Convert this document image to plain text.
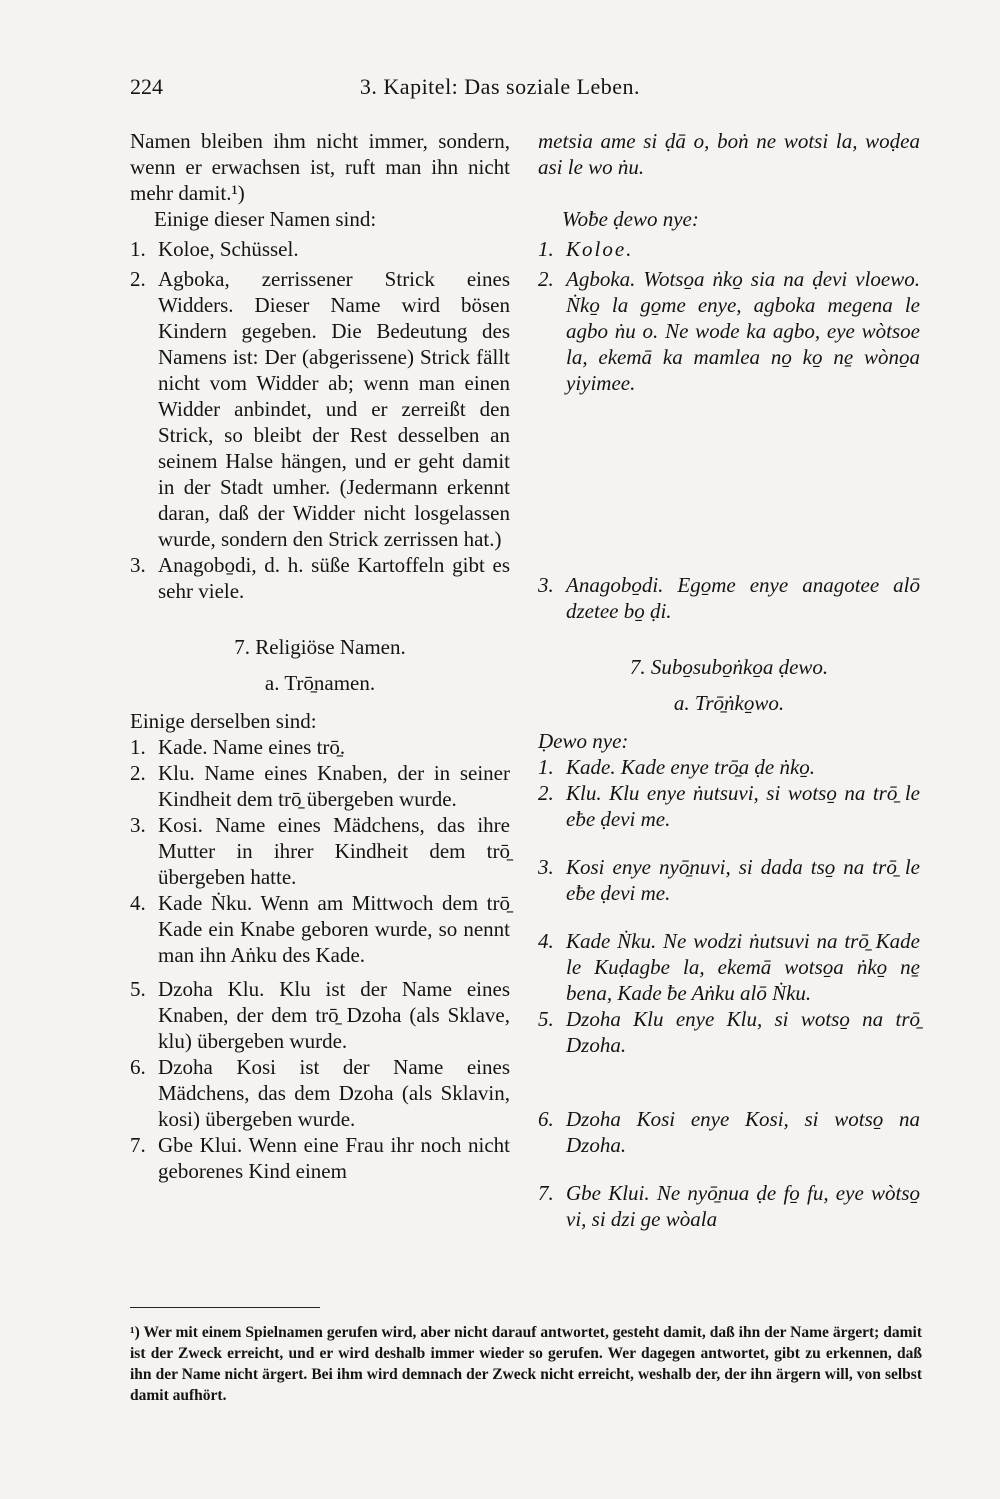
224	3. Kapitel: Das soziale Leben.

Namen bleiben ihm nicht immer, sondern, wenn er erwachsen ist, ruft man ihn nicht mehr damit.¹)

Einige dieser Namen sind:

1. Koloe, Schüssel.
2. Agboka, zerrissener Strick eines Widders. Dieser Name wird bösen Kindern gegeben. Die Bedeutung des Namens ist: Der (abgerissene) Strick fällt nicht vom Widder ab; wenn man einen Widder anbindet, und er zerreißt den Strick, so bleibt der Rest desselben an seinem Halse hängen, und er geht damit in der Stadt umher. (Jedermann erkennt daran, daß der Widder nicht losgelassen wurde, sondern den Strick zerrissen hat.)
3. Anagobo̱di, d. h. süße Kartoffeln gibt es sehr viele.

7. Religiöse Namen.

a. Trō̱namen.

Einige derselben sind:

1. Kade. Name eines trō̱.
2. Klu. Name eines Knaben, der in seiner Kindheit dem trō̱ übergeben wurde.
3. Kosi. Name eines Mädchens, das ihre Mutter in ihrer Kindheit dem trō̱ übergeben hatte.
4. Kade Ṅku. Wenn am Mittwoch dem trō̱ Kade ein Knabe geboren wurde, so nennt man ihn Aṅku des Kade.
5. Dzoha Klu. Klu ist der Name eines Knaben, der dem trō̱ Dzoha (als Sklave, klu) übergeben wurde.
6. Dzoha Kosi ist der Name eines Mädchens, das dem Dzoha (als Sklavin, kosi) übergeben wurde.
7. Gbe Klui. Wenn eine Frau ihr noch nicht geborenes Kind einem

metsia ame si ḍā o, boṅ ne wotsi la, woḍea asi le wo ṅu.

Woƀe ḍewo nye:

1. Koloe.
2. Agboka. Wotso̱a ṅko̱ sia na ḍevi vloewo. Ṅko̱ la go̱me enye, agboka megena le agbo ṅu o. Ne wode ka agbo, eye wòtsoe la, ekemā ka mamlea no̱ ko̱ ne̱ wòno̱a yiyimee.
3. Anagobo̱di. Ego̱me enye anagotee alō dzetee bo̱ ḍi.

7. Subo̱subo̱ṅko̱a ḍewo.

a. Trō̱ṅko̱wo.

Ḍewo nye:

1. Kade. Kade enye trō̱a ḍe ṅko̱.
2. Klu. Klu enye ṅutsuvi, si wotso̱ na trō̱ le eƀe ḍevi me.
3. Kosi enye nyō̱nuvi, si dada tso̱ na trō̱ le eƀe ḍevi me.
4. Kade Ṅku. Ne wodzi ṅutsuvi na trō̱ Kade le Kuḍagbe la, ekemā wotso̱a ṅko̱ ne̱ bena, Kade ƀe Aṅku alō Ṅku.
5. Dzoha Klu enye Klu, si wotso̱ na trō̱ Dzoha.
6. Dzoha Kosi enye Kosi, si wotso̱ na Dzoha.
7. Gbe Klui. Ne nyō̱nua ḍe fo̱ fu, eye wòtso̱ vi, si dzi ge wòala
¹) Wer mit einem Spielnamen gerufen wird, aber nicht darauf antwortet, gesteht damit, daß ihn der Name ärgert; damit ist der Zweck erreicht, und er wird deshalb immer wieder so gerufen. Wer dagegen antwortet, gibt zu erkennen, daß ihn der Name nicht ärgert. Bei ihm wird demnach der Zweck nicht erreicht, weshalb der, der ihn ärgern will, von selbst damit aufhört.
